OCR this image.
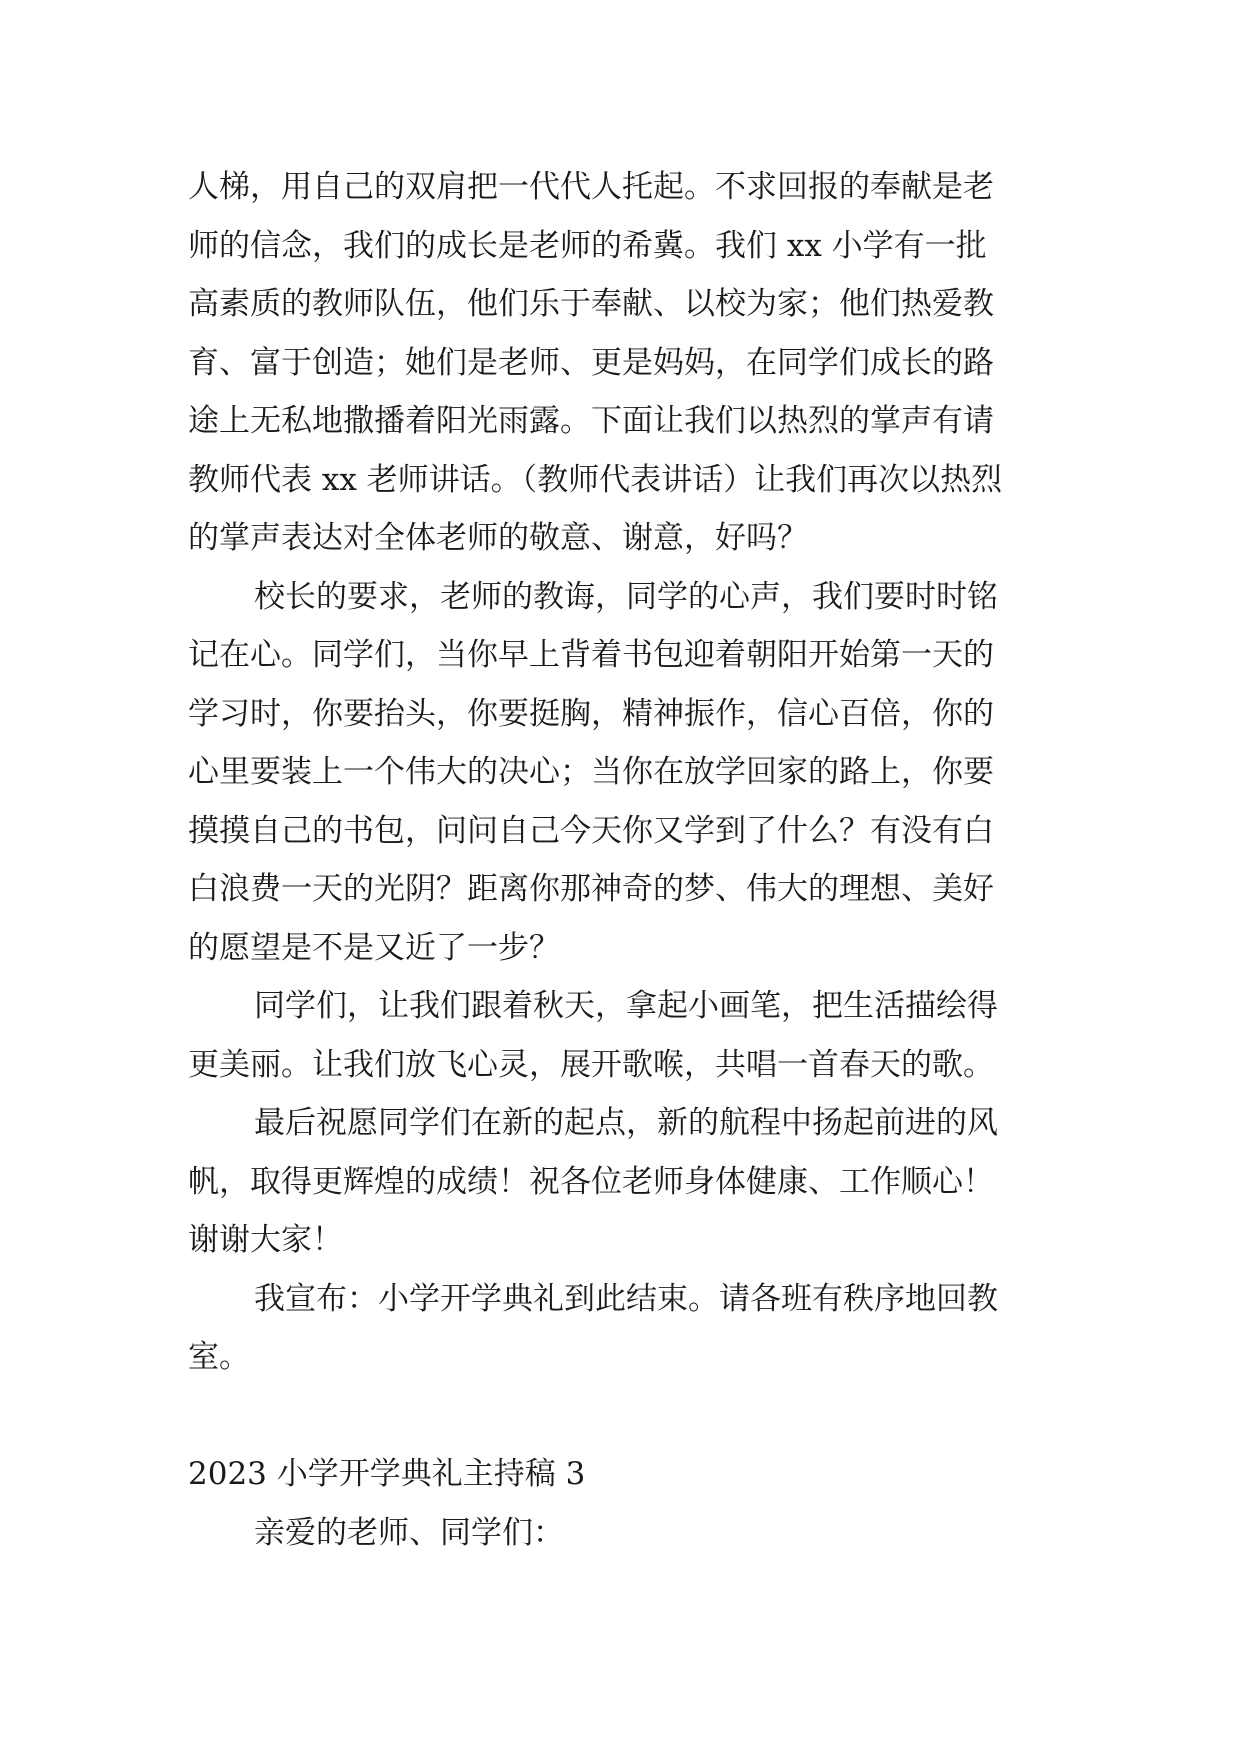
人梯，用自己的双肩把一代代人托起。不求回报的奉献是老
师的信念，我们的成长是老师的希冀。我们 xx 小学有一批
高素质的教师队伍，他们乐于奉献、以校为家；他们热爱教
育、富于创造；她们是老师、更是妈妈，在同学们成长的路
途上无私地撒播着阳光雨露。下面让我们以热烈的掌声有请
教师代表 xx 老师讲话。（教师代表讲话）让我们再次以热烈
的掌声表达对全体老师的敬意、谢意，好吗？
校长的要求，老师的教诲，同学的心声，我们要时时铭
记在心。同学们，当你早上背着书包迎着朝阳开始第一天的
学习时，你要抬头，你要挺胸，精神振作，信心百倍，你的
心里要装上一个伟大的决心；当你在放学回家的路上，你要
摸摸自己的书包，问问自己今天你又学到了什么？有没有白
白浪费一天的光阴？距离你那神奇的梦、伟大的理想、美好
的愿望是不是又近了一步？
同学们，让我们跟着秋天，拿起小画笔，把生活描绘得
更美丽。让我们放飞心灵，展开歌喉，共唱一首春天的歌。
最后祝愿同学们在新的起点，新的航程中扬起前进的风
帆，取得更辉煌的成绩！祝各位老师身体健康、工作顺心！
谢谢大家！
我宣布：小学开学典礼到此结束。请各班有秩序地回教
室。
2023 小学开学典礼主持稿 3
亲爱的老师、同学们：
